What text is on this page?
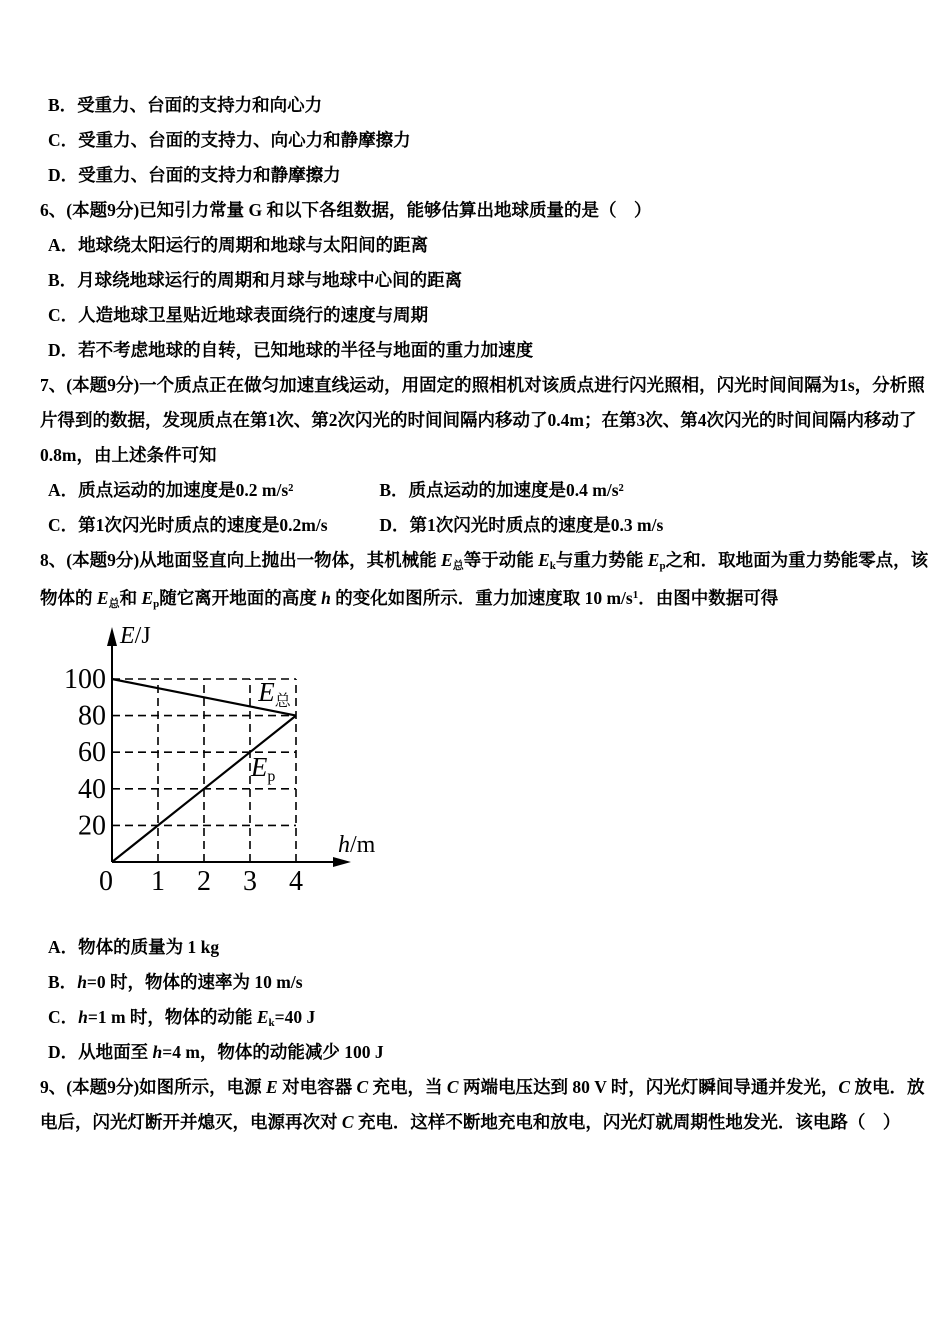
B．受重力、台面的支持力和向心力
C．受重力、台面的支持力、向心力和静摩擦力
D．受重力、台面的支持力和静摩擦力
6、(本题9分)已知引力常量 G 和以下各组数据，能够估算出地球质量的是（　）
A．地球绕太阳运行的周期和地球与太阳间的距离
B．月球绕地球运行的周期和月球与地球中心间的距离
C．人造地球卫星贴近地球表面绕行的速度与周期
D．若不考虑地球的自转，已知地球的半径与地面的重力加速度
7、(本题9分)一个质点正在做匀加速直线运动，用固定的照相机对该质点进行闪光照相，闪光时间间隔为1s，分析照
片得到的数据，发现质点在第1次、第2次闪光的时间间隔内移动了0.4m；在第3次、第4次闪光的时间间隔内移动了
0.8m，由上述条件可知
A．质点运动的加速度是0.2 m/s²	B．质点运动的加速度是0.4 m/s²
C．第1次闪光时质点的速度是0.2m/s	D．第1次闪光时质点的速度是0.3 m/s
8、(本题9分)从地面竖直向上抛出一物体，其机械能 $E_总$等于动能 $E_k$与重力势能 $E_p$之和．取地面为重力势能零点，该
物体的 $E_总$和 $E_p$随它离开地面的高度 h 的变化如图所示．重力加速度取 10 $m/s^1$．由图中数据可得
E总
Ep
20
40
60
80
100
0 1 2 3 4
E/J
h/m
A．物体的质量为 1 kg
B．h=0 时，物体的速率为 10 m/s
C．h=1 m 时，物体的动能 $E_k=40$ J
D．从地面至 h=4 m，物体的动能减少 100 J
9、(本题9分)如图所示，电源 E 对电容器 C 充电，当 C 两端电压达到 80 V 时，闪光灯瞬间导通并发光，C 放电．放
电后，闪光灯断开并熄灭，电源再次对 C 充电．这样不断地充电和放电，闪光灯就周期性地发光．该电路（　）
